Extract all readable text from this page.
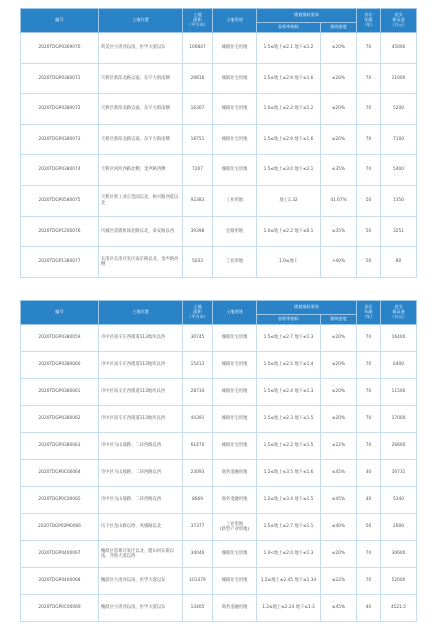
编号	土地位置	土地
面积
（平方米）	土地用途	规划指标要求		出让
年限
（年）	竞买
保证金
（万元）
				容积率指标	建筑密度		
2020TDGP0369070	荷美区小清河以南、医学大道以东	100847	城镇住宅用地	1.5≤地上≤2.1 地下≤1.2	≤20%	70	45000
2020TDGP0380071	天桥区新泺北路以南，东宇大街南侧	29816	城镇住宅用地	1.5≤地上≤2.9 地下≤1.6	≤20%	70	11000
2020TDGP0380072	天桥区新泺北路以南，东宇大街南侧	16307	城镇住宅用地	1.0≤地上≤2.2 地下≤1.2	≤20%	70	5200
2020TDGP0380073	天桥区新泺北路以南，东宇大街南侧	18751	城镇住宅用地	1.5≤地上≤2.9 地下≤1.6	≤20%	70	7100
2020TDGP0380074	天桥区回河西路北侧，金声路西侧	7207	城镇住宅用地	1.5≤地上≤3.0 地下≤2.1	≤35%	70	5400
2020TDGP0580075	天桥区新工业示范园以北，裕兴路西延以北	92383	工业用地	地上1.32	41.67%	50	1350
2020TDGP1200076	历城区遥墙机场北路以北，泰安路以西	39398	仓储用地	1.0≤地上≤2.2 地下≤0.1	≤35%	50	3251
2020TDGP1380077	长清区长清开发区南京路以北，金声路西侧	5033	工业用地	1.0≤地上	>40%	50	80
编号	土地位置	土地
面积
（平方米）	土地用途	规划指标要求		出让
年限
（年）	竞买
保证金
（万元）
				容积率指标	建筑密度		
2020TDGP0380059	市中区南辛庄西街道113地块以西	30745	城镇住宅用地	1.5≤地上≤2.7 地下≤1.3	≤20%	70	16400
2020TDGP0380060	市中区南辛庄西街道113地块以西	15413	城镇住宅用地	1.5≤地上≤2.5 地下≤1.4	≤20%	70	6400
2020TDGP0380061	市中区南辛庄西街道113地块以西	28734	城镇住宅用地	1.5≤地上≤2.4 地下≤1.3	≤20%	70	11500
2020TDGP0380062	市中区南辛庄西街道113地块以西	44391	城镇住宅用地	1.5≤地上≤2.3 地下≤1.5	≤20%	70	17000
2020TDGP0380063	市中区马山坡路、二环西路以西	61470	城镇住宅用地	1.5≤地上≤2.2 地下≤1.5	≤22%	70	26600
2020TDGP0C00064	市中区马山坡路、二环西路以西	23093	商务金融用地	1.2≤地上≤3.5 地下≤1.6	≤45%	40	16731
2020TDGP0C00065	市中区马山坡路、二环西路以西	8669	商务金融用地	1.2≤地上≤3.4 地下≤1.5	≤45%	40	5340
2020TDGP02M0066	历下区龙山路以西、凤凰路以北	37377	工业用地
(新型产业用地)	1.5≤地上≤2.7 地下≤1.1	≤40%	50	2000
2020TDGP0400067	槐荫区崔寨开发区以北、腊山河东街以南，齐鲁大道以西	34046	城镇住宅用地	1.0<地上≤2.0 地下≤1.3	≤20%	70	30600
2020TDGP0400068	槐荫区小清河以南、医学大道以东	101379	城镇住宅用地	1.5≤地上≤2.45 地下≤1.34	≤22%	70	52000
2020TDGP0C00069	槐荫区小清河以南、医学大道以东	13405	商务金融用地	1.2≤地上≤2.24 地下≤1.3	≤45%	40	4521.5
